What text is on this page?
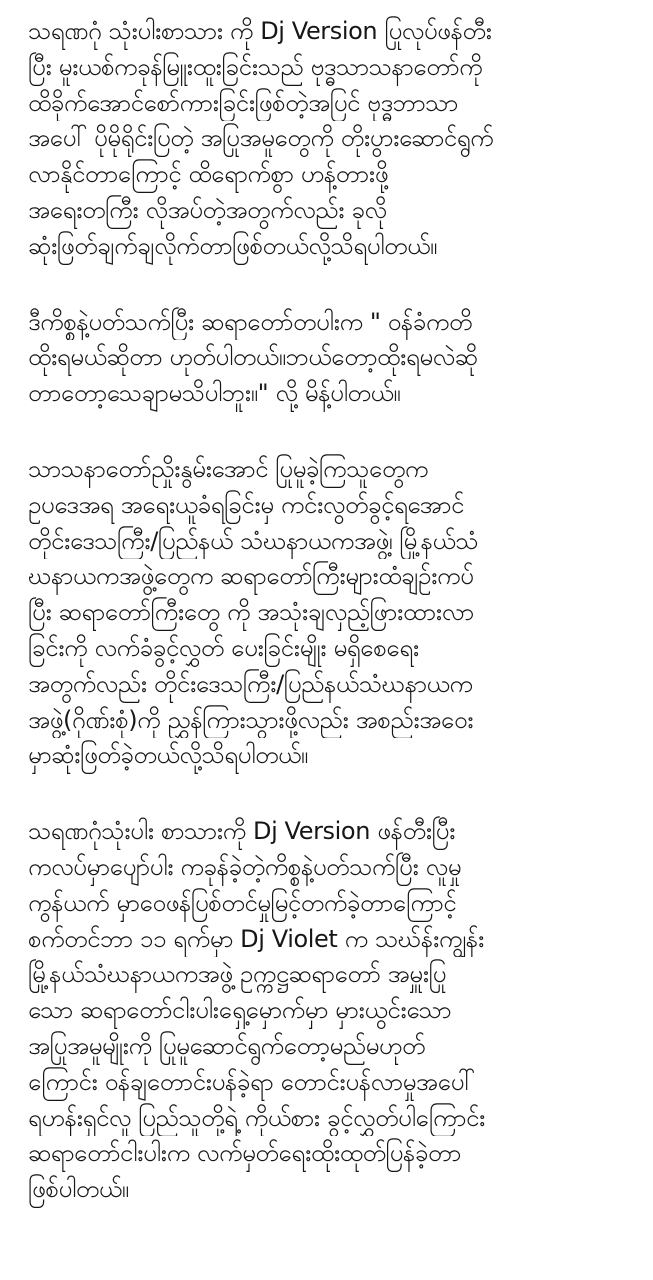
သရဏဂုံ သုံးပါးစာသား ကို Dj Version ပြုလုပ်ဖန်တီး
ပြီး မူးယစ်ကခုန်မြူးထူးခြင်းသည် ဗုဒ္ဓသာသနာတော်ကို
ထိခိုက်အောင်စော်ကားခြင်းဖြစ်တဲ့အပြင် ဗုဒ္ဓဘာသာ
အပေါ် ပိုမိုရိုင်းပြတဲ့ အပြုအမူတွေကို တိုးပွားဆောင်ရွက်
လာနိုင်တာကြောင့် ထိရောက်စွာ ဟန့်တားဖို့
အရေးတကြီး လိုအပ်တဲ့အတွက်လည်း ခုလို
ဆုံးဖြတ်ချက်ချလိုက်တာဖြစ်တယ်လို့သိရပါတယ်။
ဒီကိစ္စနဲ့ပတ်သက်ပြီး ဆရာတော်တပါးက " ဝန်ခံကတိ
ထိုးရမယ်ဆိုတာ ဟုတ်ပါတယ်။ဘယ်တော့ထိုးရမလဲဆို
တာတော့သေချာမသိပါဘူး။" လို့ မိန့်ပါတယ်။
သာသနာတော်ညှိုးနွမ်းအောင် ပြုမူခဲ့ကြသူတွေက
ဥပဒေအရ အရေးယူခံရခြင်းမှ ကင်းလွတ်ခွင့်ရအောင်
တိုင်းဒေသကြီး/ပြည်နယ် သံဃနာယကအဖွဲ့၊ မြို့နယ်သံ
ဃနာယကအဖွဲ့တွေက ဆရာတော်ကြီးများထံချဉ်းကပ်
ပြီး ဆရာတော်ကြီးတွေ ကို အသုံးချလှည့်ဖြားထားလာ
ခြင်းကို လက်ခံခွင့်လွှတ် ပေးခြင်းမျိုး မရှိစေရေး
အတွက်လည်း တိုင်းဒေသကြီး/ပြည်နယ်သံဃနာယက
အဖွဲ့(ဂိုဏ်းစုံ)ကို ညွှန်ကြားသွားဖို့လည်း အစည်းအဝေး
မှာဆုံးဖြတ်ခဲ့တယ်လို့သိရပါတယ်။
သရဏဂုံသုံးပါး စာသားကို Dj Version ဖန်တီးပြီး
ကလပ်မှာပျော်ပါး ကခုန်ခဲ့တဲ့ကိစ္စနဲ့ပတ်သက်ပြီး လူမှု
ကွန်ယက် မှာဝေဖန်ပြစ်တင်မှုမြင့်တက်ခဲ့တာကြောင့်
စက်တင်ဘာ ၁၁ ရက်မှာ Dj Violet က သဃ်န်းကျွန်း
မြို့နယ်သံဃနာယကအဖွဲ့ ဥက္ကဋ္ဌဆရာတော် အမှူးပြု
သော ဆရာတော်ငါးပါးရှေ့မှောက်မှာ မှားယွင်းသော
အပြုအမူမျိုးကို ပြုမူဆောင်ရွက်တော့မည်မဟုတ်
ကြောင်း ဝန်ချတောင်းပန်ခဲ့ရာ တောင်းပန်လာမှုအပေါ်
ရဟန်းရှင်လူ ပြည်သူတို့ရဲ့ ကိုယ်စား ခွင့်လွှတ်ပါကြောင်း
ဆရာတော်ငါးပါးက လက်မှတ်ရေးထိုးထုတ်ပြန်ခဲ့တာ
ဖြစ်ပါတယ်။
